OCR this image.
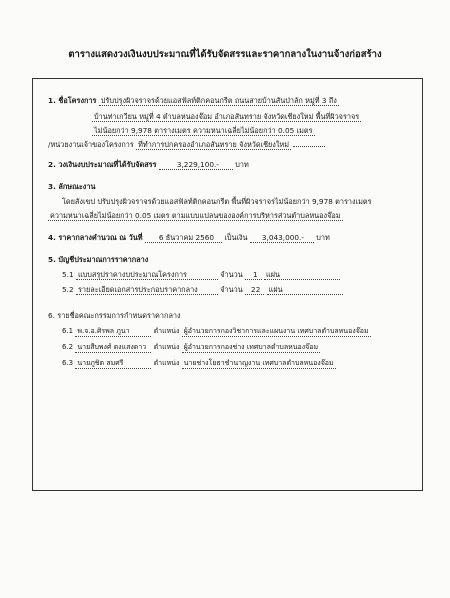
ตารางแสดงวงเงินงบประมาณที่ได้รับจัดสรรและราคากลางในงานจ้างก่อสร้าง
1. ชื่อโครงการ ปรับปรุงผิวจราจรด้วยแอสฟัลท์ติกคอนกรีต ถนนสายบ้านสันป่าลัก หมู่ที่ 3 ถึง
บ้านท่าเกวียน หมู่ที่ 4 ตำบลหนองจ๊อม อำเภอสันทราย จังหวัดเชียงใหม่ พื้นที่ผิวจราจร
ไม่น้อยกว่า 9,978 ตารางเมตร ความหนาเฉลี่ยไม่น้อยกว่า 0.05 เมตร
/หน่วยงานเจ้าของโครงการ ที่ทำการปกครองอำเภอสันทราย จังหวัดเชียงใหม่
2. วงเงินงบประมาณที่ได้รับจัดสรร	3,229,100.- บาท
3. ลักษณะงาน
โดยสังเขป ปรับปรุงผิวจราจรด้วยแอสฟัลท์ติกคอนกรีต พื้นที่ผิวจราจรไม่น้อยกว่า 9,978 ตารางเมตร
ความหนาเฉลี่ยไม่น้อยกว่า 0.05 เมตร ตามแบบแปลนขององค์การบริหารส่วนตำบลหนองจ๊อม
4. ราคากลางคำนวณ ณ วันที่ 6 ธันวาคม 2560 เป็นเงิน 3,043,000.- บาท
5. บัญชีประมาณการราคากลาง
5.1 แบบสรุปราคางบประมาณโครงการ	จำนวน 1 แผ่น
5.2 รายละเอียดเอกสารประกอบราคากลาง	จำนวน 22 แผ่น
6. รายชื่อคณะกรรมการกำหนดราคากลาง
6.1 พ.จ.อ.ศิรพล ภูนา	ตำแหน่ง ผู้อำนวยการกองวิชาการและแผนงาน เทศบาลตำบลหนองจ๊อม
6.2 นายสืบพงศ์ ตงแสงดาว ตำแหน่ง ผู้อำนวยการกองช่าง เทศบาลตำบลหนองจ๊อม
6.3 นายภูชิต สมศรี	ตำแหน่ง นายช่างโยธาชำนาญงาน เทศบาลตำบลหนองจ๊อม
